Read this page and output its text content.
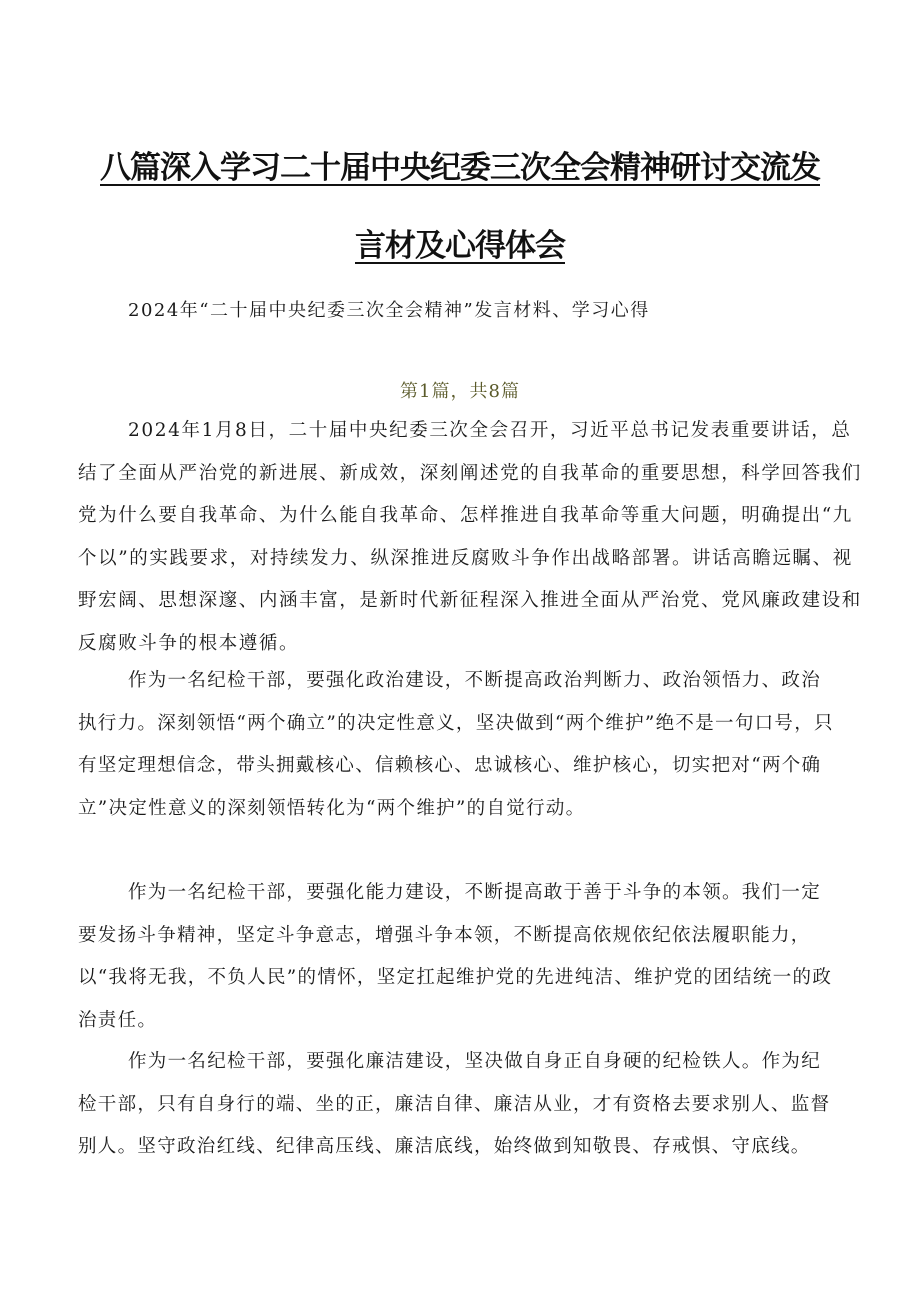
八篇深入学习二十届中央纪委三次全会精神研讨交流发
言材及心得体会
2024年“二十届中央纪委三次全会精神”发言材料、学习心得
第1篇，共8篇

2024年1月8日，二十届中央纪委三次全会召开，习近平总书记发表重要讲话，总结了全面从严治党的新进展、新成效，深刻阐述党的自我革命的重要思想，科学回答我们党为什么要自我革命、为什么能自我革命、怎样推进自我革命等重大问题，明确提出“九个以”的实践要求，对持续发力、纵深推进反腐败斗争作出战略部署。讲话高瞻远瞩、视野宏阔、思想深邃、内涵丰富，是新时代新征程深入推进全面从严治党、党风廉政建设和反腐败斗争的根本遵循。

作为一名纪检干部，要强化政治建设，不断提高政治判断力、政治领悟力、政治执行力。深刻领悟“两个确立”的决定性意义，坚决做到“两个维护”绝不是一句口号，只有坚定理想信念，带头拥戴核心、信赖核心、忠诚核心、维护核心，切实把对“两个确立”决定性意义的深刻领悟转化为“两个维护”的自觉行动。

作为一名纪检干部，要强化能力建设，不断提高敢于善于斗争的本领。我们一定要发扬斗争精神，坚定斗争意志，增强斗争本领，不断提高依规依纪依法履职能力，以“我将无我，不负人民”的情怀，坚定扛起维护党的先进纯洁、维护党的团结统一的政治责任。

作为一名纪检干部，要强化廉洁建设，坚决做自身正自身硬的纪检铁人。作为纪检干部，只有自身行的端、坐的正，廉洁自律、廉洁从业，才有资格去要求别人、监督别人。坚守政治红线、纪律高压线、廉洁底线，始终做到知敬畏、存戒惧、守底线。
